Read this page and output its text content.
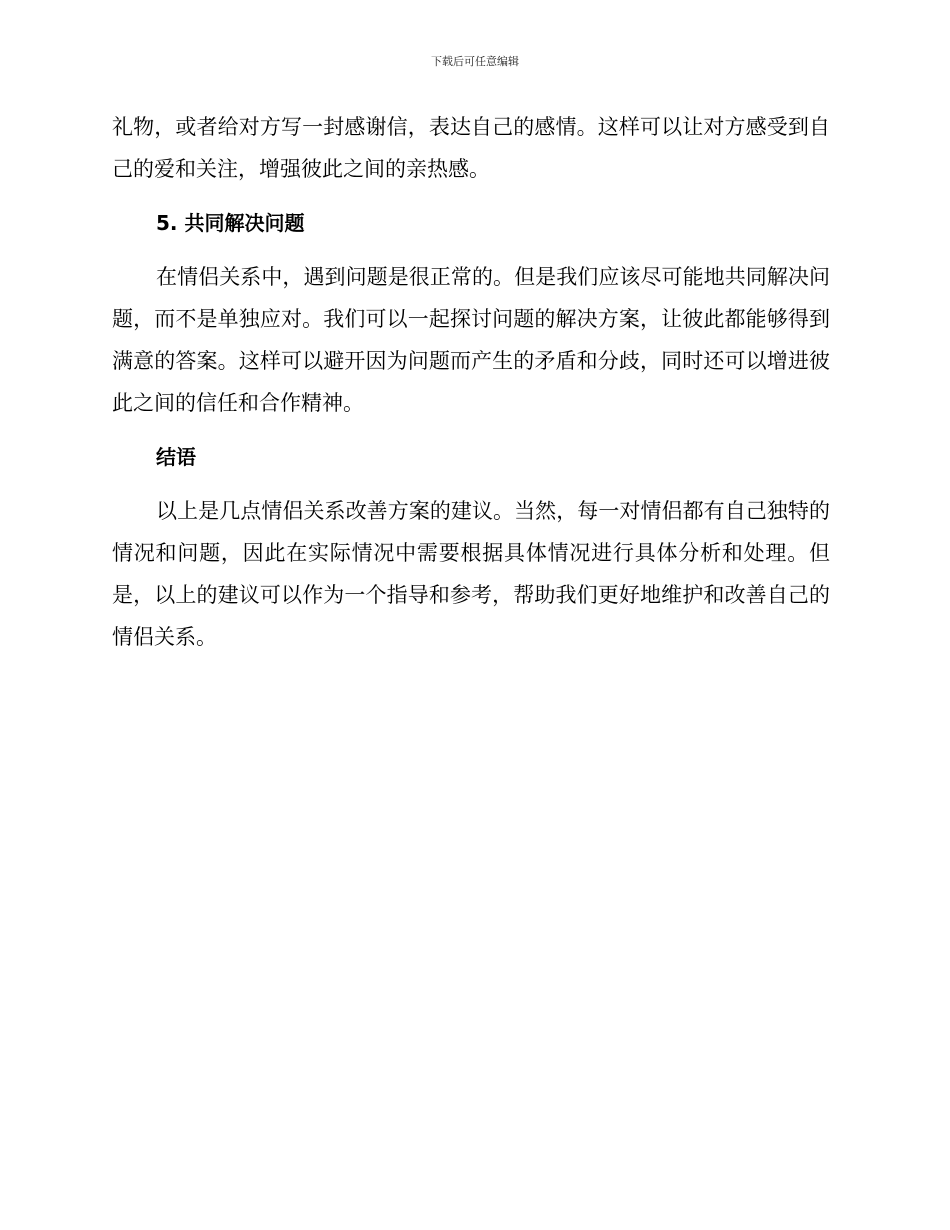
下载后可任意编辑

礼物，或者给对方写一封感谢信，表达自己的感情。这样可以让对方感受到自己的爱和关注，增强彼此之间的亲热感。

5. 共同解决问题

在情侣关系中，遇到问题是很正常的。但是我们应该尽可能地共同解决问题，而不是单独应对。我们可以一起探讨问题的解决方案，让彼此都能够得到满意的答案。这样可以避开因为问题而产生的矛盾和分歧，同时还可以增进彼此之间的信任和合作精神。

结语

以上是几点情侣关系改善方案的建议。当然，每一对情侣都有自己独特的情况和问题，因此在实际情况中需要根据具体情况进行具体分析和处理。但是，以上的建议可以作为一个指导和参考，帮助我们更好地维护和改善自己的情侣关系。
